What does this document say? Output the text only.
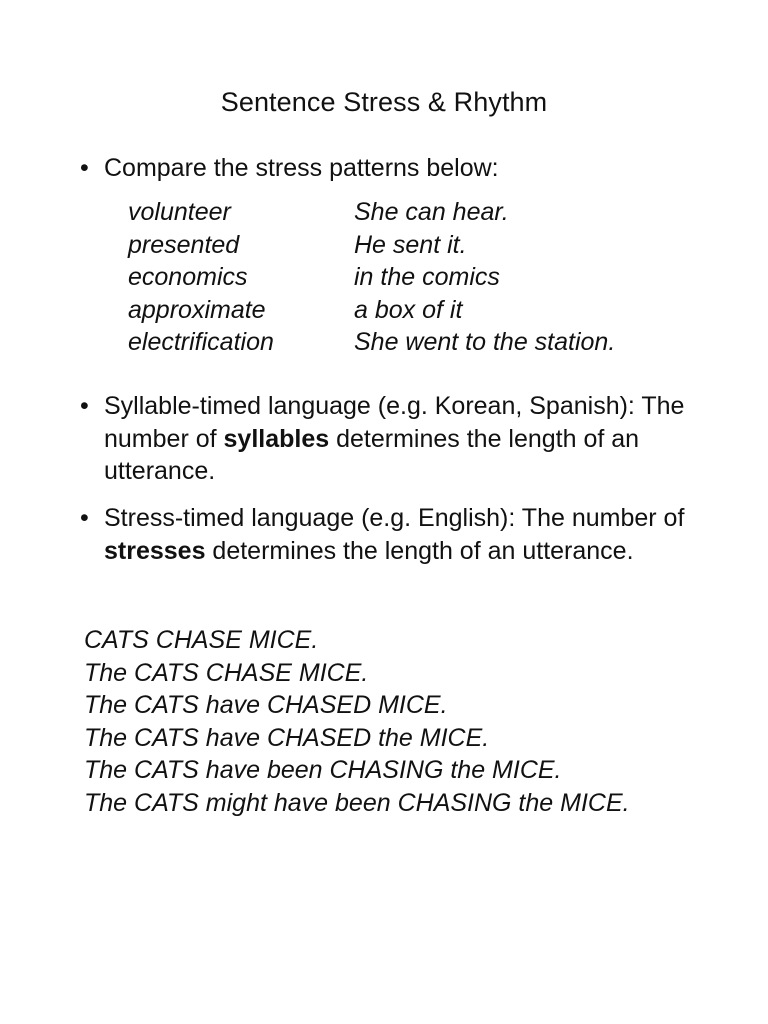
Sentence Stress & Rhythm
• Compare the stress patterns below:
volunteer	She can hear.
presented	He sent it.
economics	in the comics
approximate	a box of it
electrification	She went to the station.
• Syllable-timed language (e.g. Korean, Spanish): The number of syllables determines the length of an utterance.
• Stress-timed language (e.g. English): The number of stresses determines the length of an utterance.
CATS CHASE MICE.
The CATS CHASE MICE.
The CATS have CHASED MICE.
The CATS have CHASED the MICE.
The CATS have been CHASING the MICE.
The CATS might have been CHASING the MICE.
